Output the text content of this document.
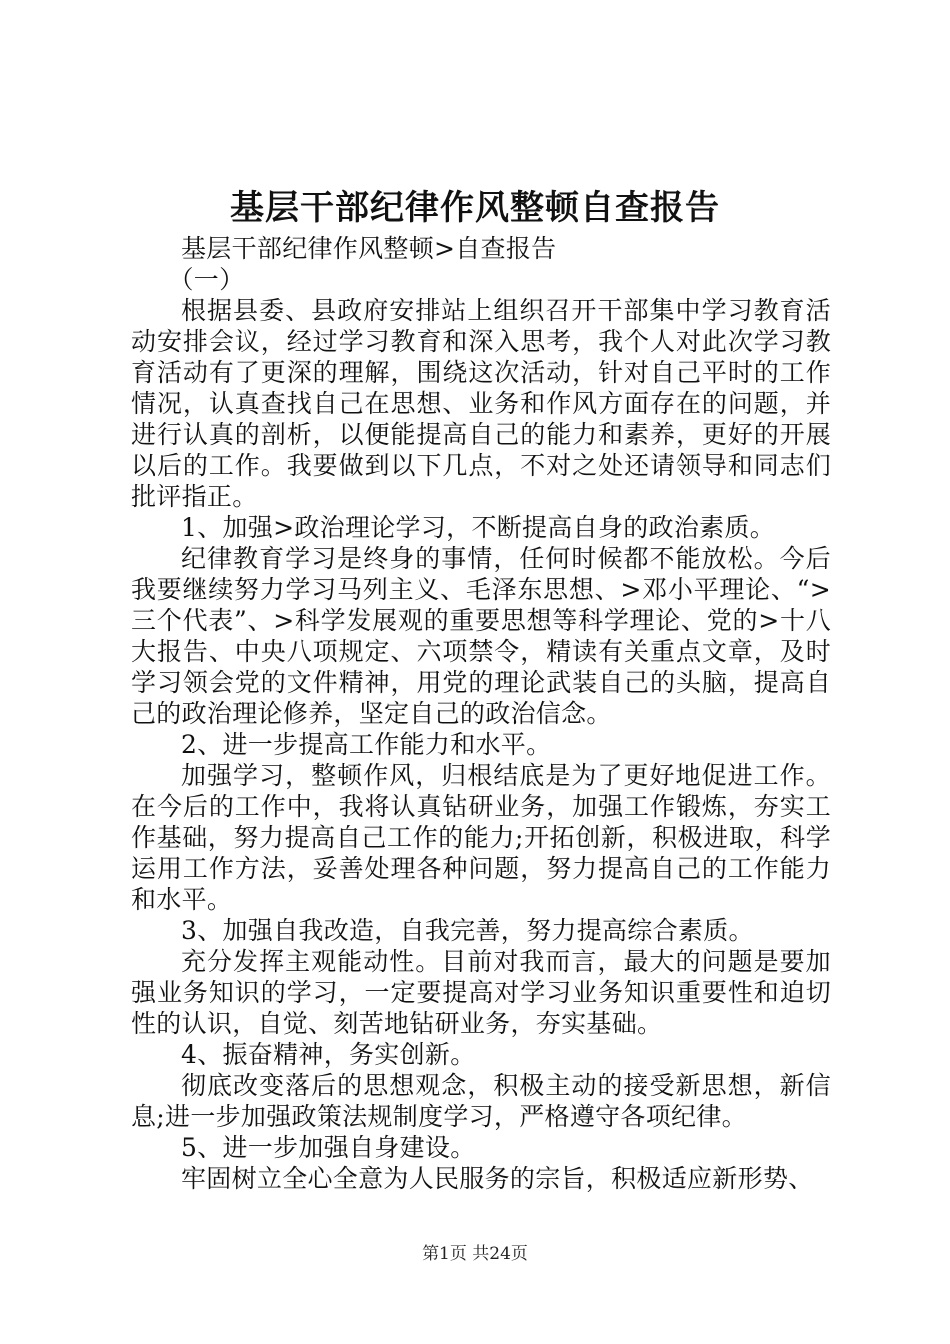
基层干部纪律作风整顿自查报告

基层干部纪律作风整顿>自查报告

（一）

根据县委、县政府安排站上组织召开干部集中学习教育活动安排会议，经过学习教育和深入思考，我个人对此次学习教育活动有了更深的理解，围绕这次活动，针对自己平时的工作情况，认真查找自己在思想、业务和作风方面存在的问题，并进行认真的剖析，以便能提高自己的能力和素养，更好的开展以后的工作。我要做到以下几点，不对之处还请领导和同志们批评指正。

1、加强>政治理论学习，不断提高自身的政治素质。

纪律教育学习是终身的事情，任何时候都不能放松。今后我要继续努力学习马列主义、毛泽东思想、>邓小平理论、“>三个代表”、>科学发展观的重要思想等科学理论、党的>十八大报告、中央八项规定、六项禁令，精读有关重点文章，及时学习领会党的文件精神，用党的理论武装自己的头脑，提高自己的政治理论修养，坚定自己的政治信念。

2、进一步提高工作能力和水平。

加强学习，整顿作风，归根结底是为了更好地促进工作。在今后的工作中，我将认真钻研业务，加强工作锻炼，夯实工作基础，努力提高自己工作的能力;开拓创新，积极进取，科学运用工作方法，妥善处理各种问题，努力提高自己的工作能力和水平。

3、加强自我改造，自我完善，努力提高综合素质。

充分发挥主观能动性。目前对我而言，最大的问题是要加强业务知识的学习，一定要提高对学习业务知识重要性和迫切性的认识，自觉、刻苦地钻研业务，夯实基础。

4、振奋精神，务实创新。

彻底改变落后的思想观念，积极主动的接受新思想，新信息;进一步加强政策法规制度学习，严格遵守各项纪律。

5、进一步加强自身建设。

牢固树立全心全意为人民服务的宗旨，积极适应新形势、

第1页 共24页
